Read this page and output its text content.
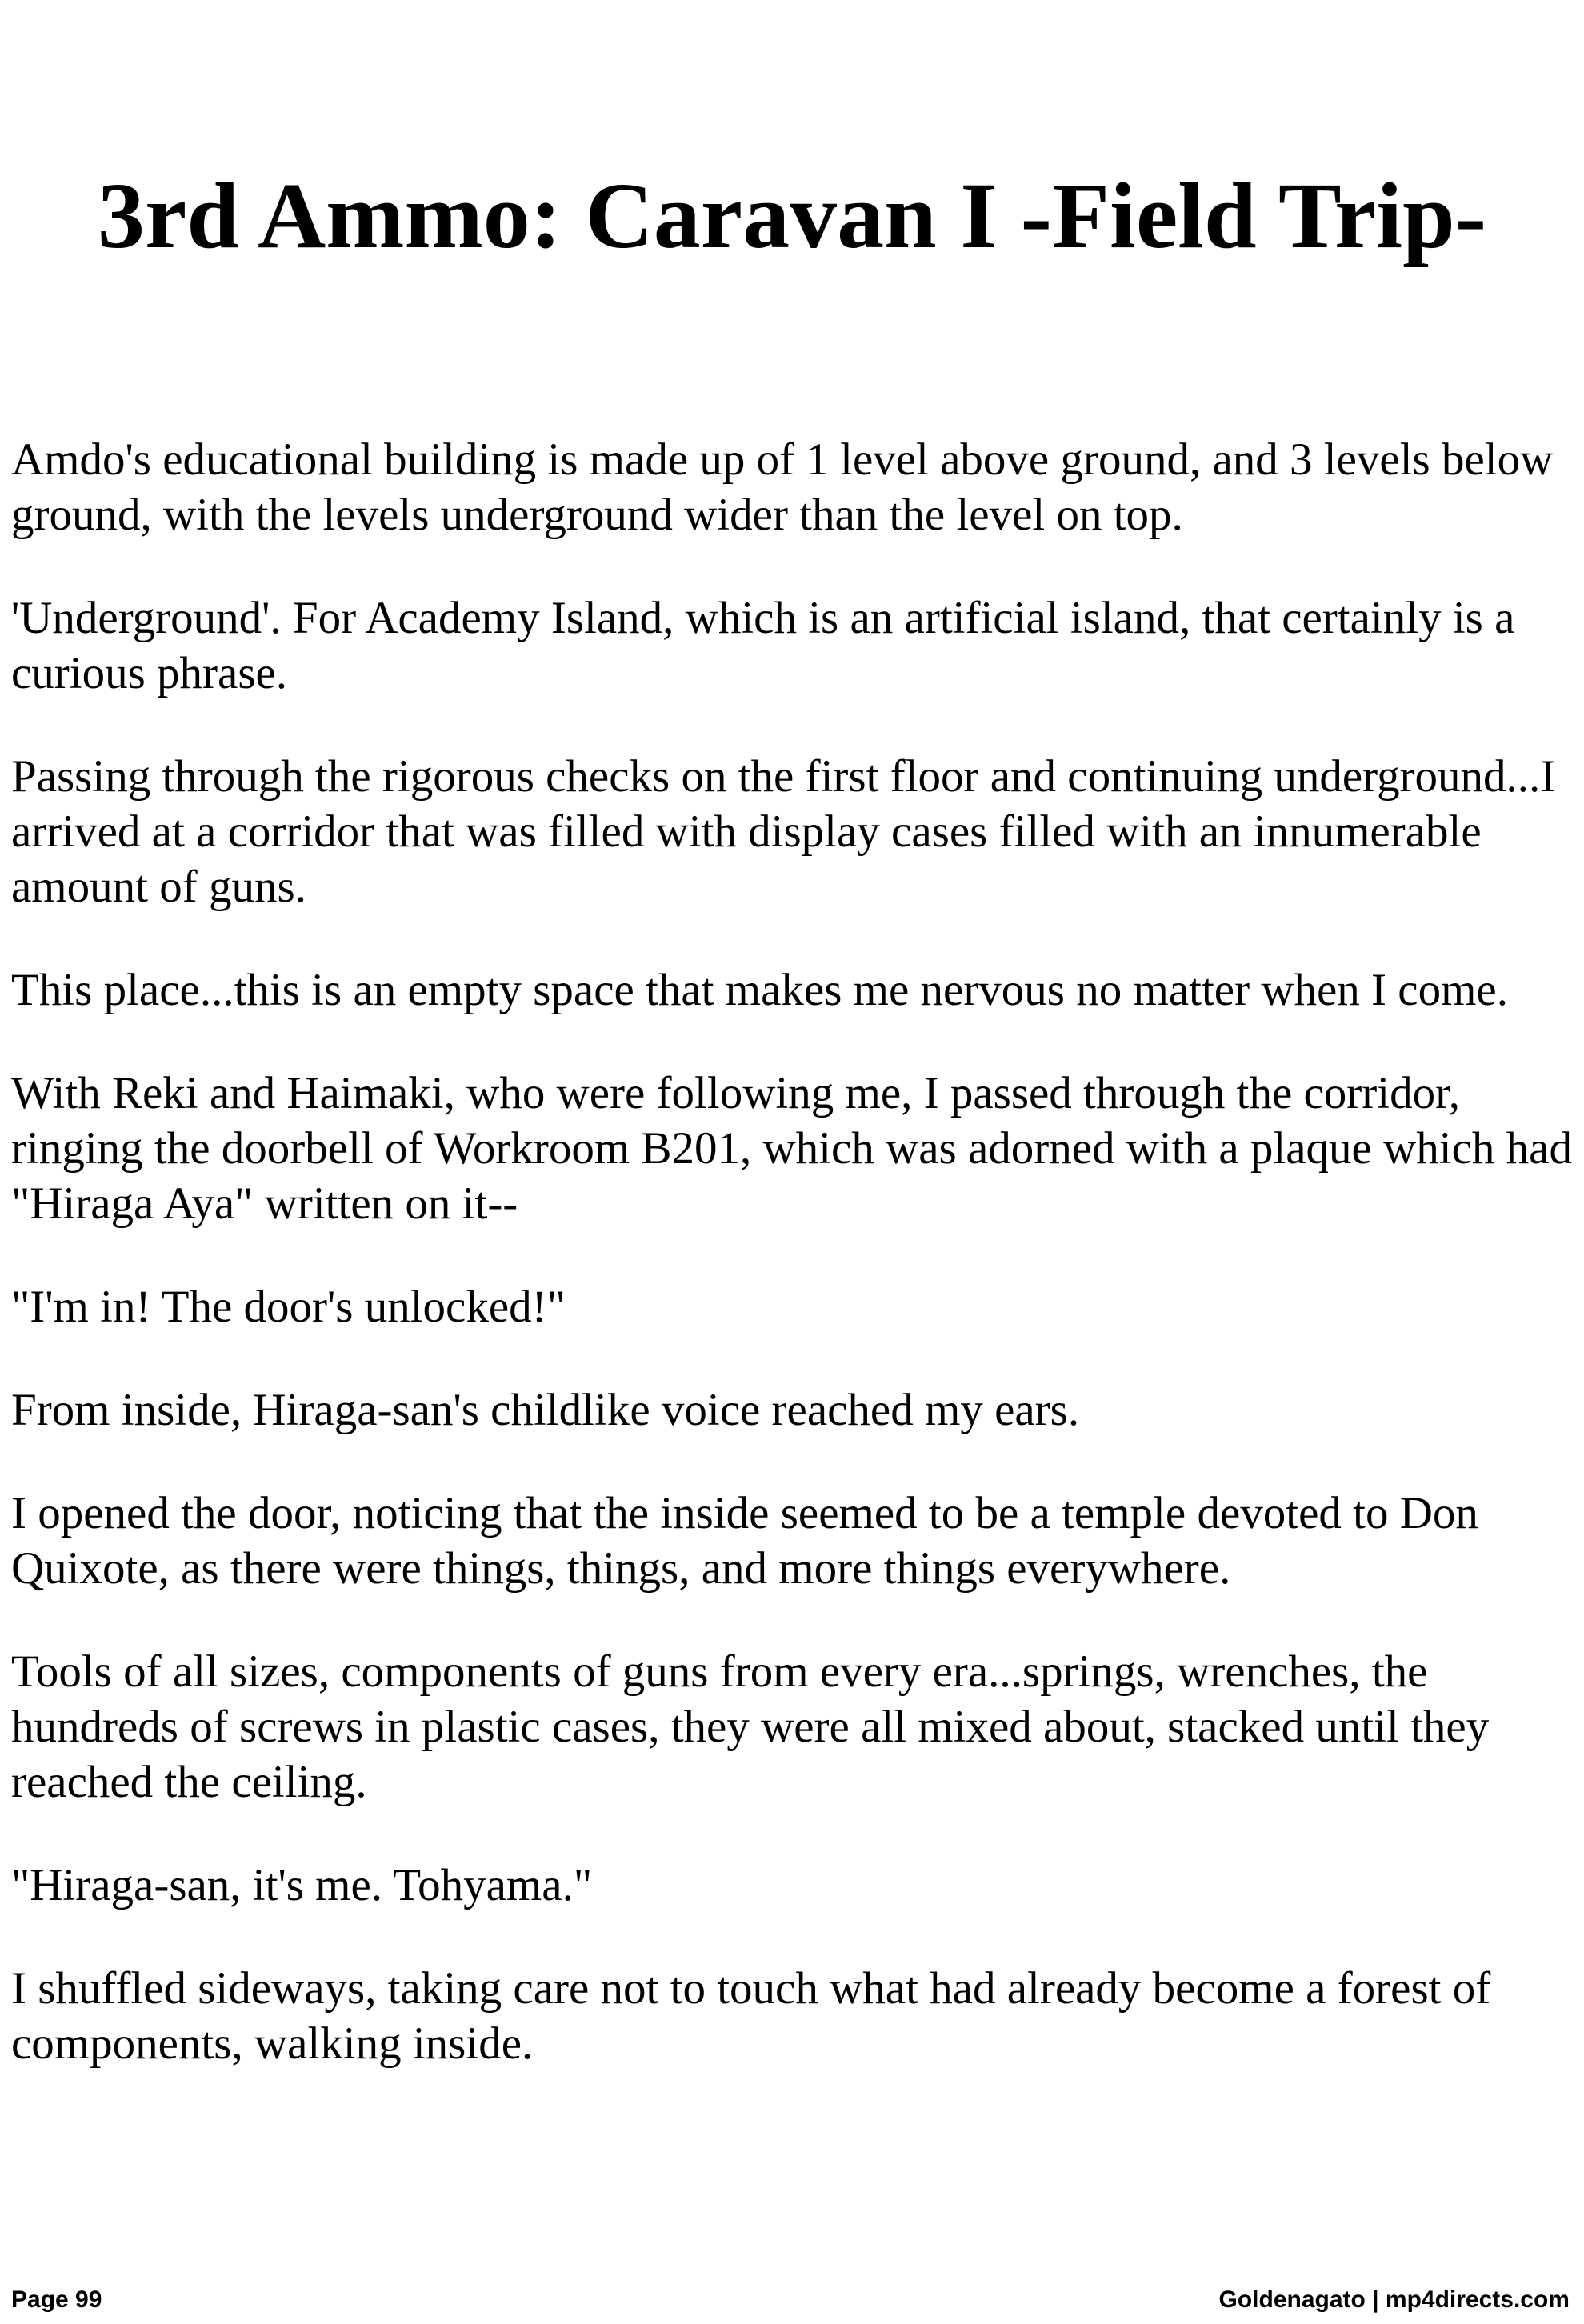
3rd Ammo: Caravan I -Field Trip-

Amdo's educational building is made up of 1 level above ground, and 3 levels below ground, with the levels underground wider than the level on top.

'Underground'. For Academy Island, which is an artificial island, that certainly is a curious phrase.

Passing through the rigorous checks on the first floor and continuing underground...I arrived at a corridor that was filled with display cases filled with an innumerable amount of guns.

This place...this is an empty space that makes me nervous no matter when I come.

With Reki and Haimaki, who were following me, I passed through the corridor, ringing the doorbell of Workroom B201, which was adorned with a plaque which had "Hiraga Aya" written on it--

"I'm in! The door's unlocked!"

From inside, Hiraga-san's childlike voice reached my ears.

I opened the door, noticing that the inside seemed to be a temple devoted to Don Quixote, as there were things, things, and more things everywhere.

Tools of all sizes, components of guns from every era...springs, wrenches, the hundreds of screws in plastic cases, they were all mixed about, stacked until they reached the ceiling.

"Hiraga-san, it's me. Tohyama."

I shuffled sideways, taking care not to touch what had already become a forest of components, walking inside.

Page 99	Goldenagato | mp4directs.com
